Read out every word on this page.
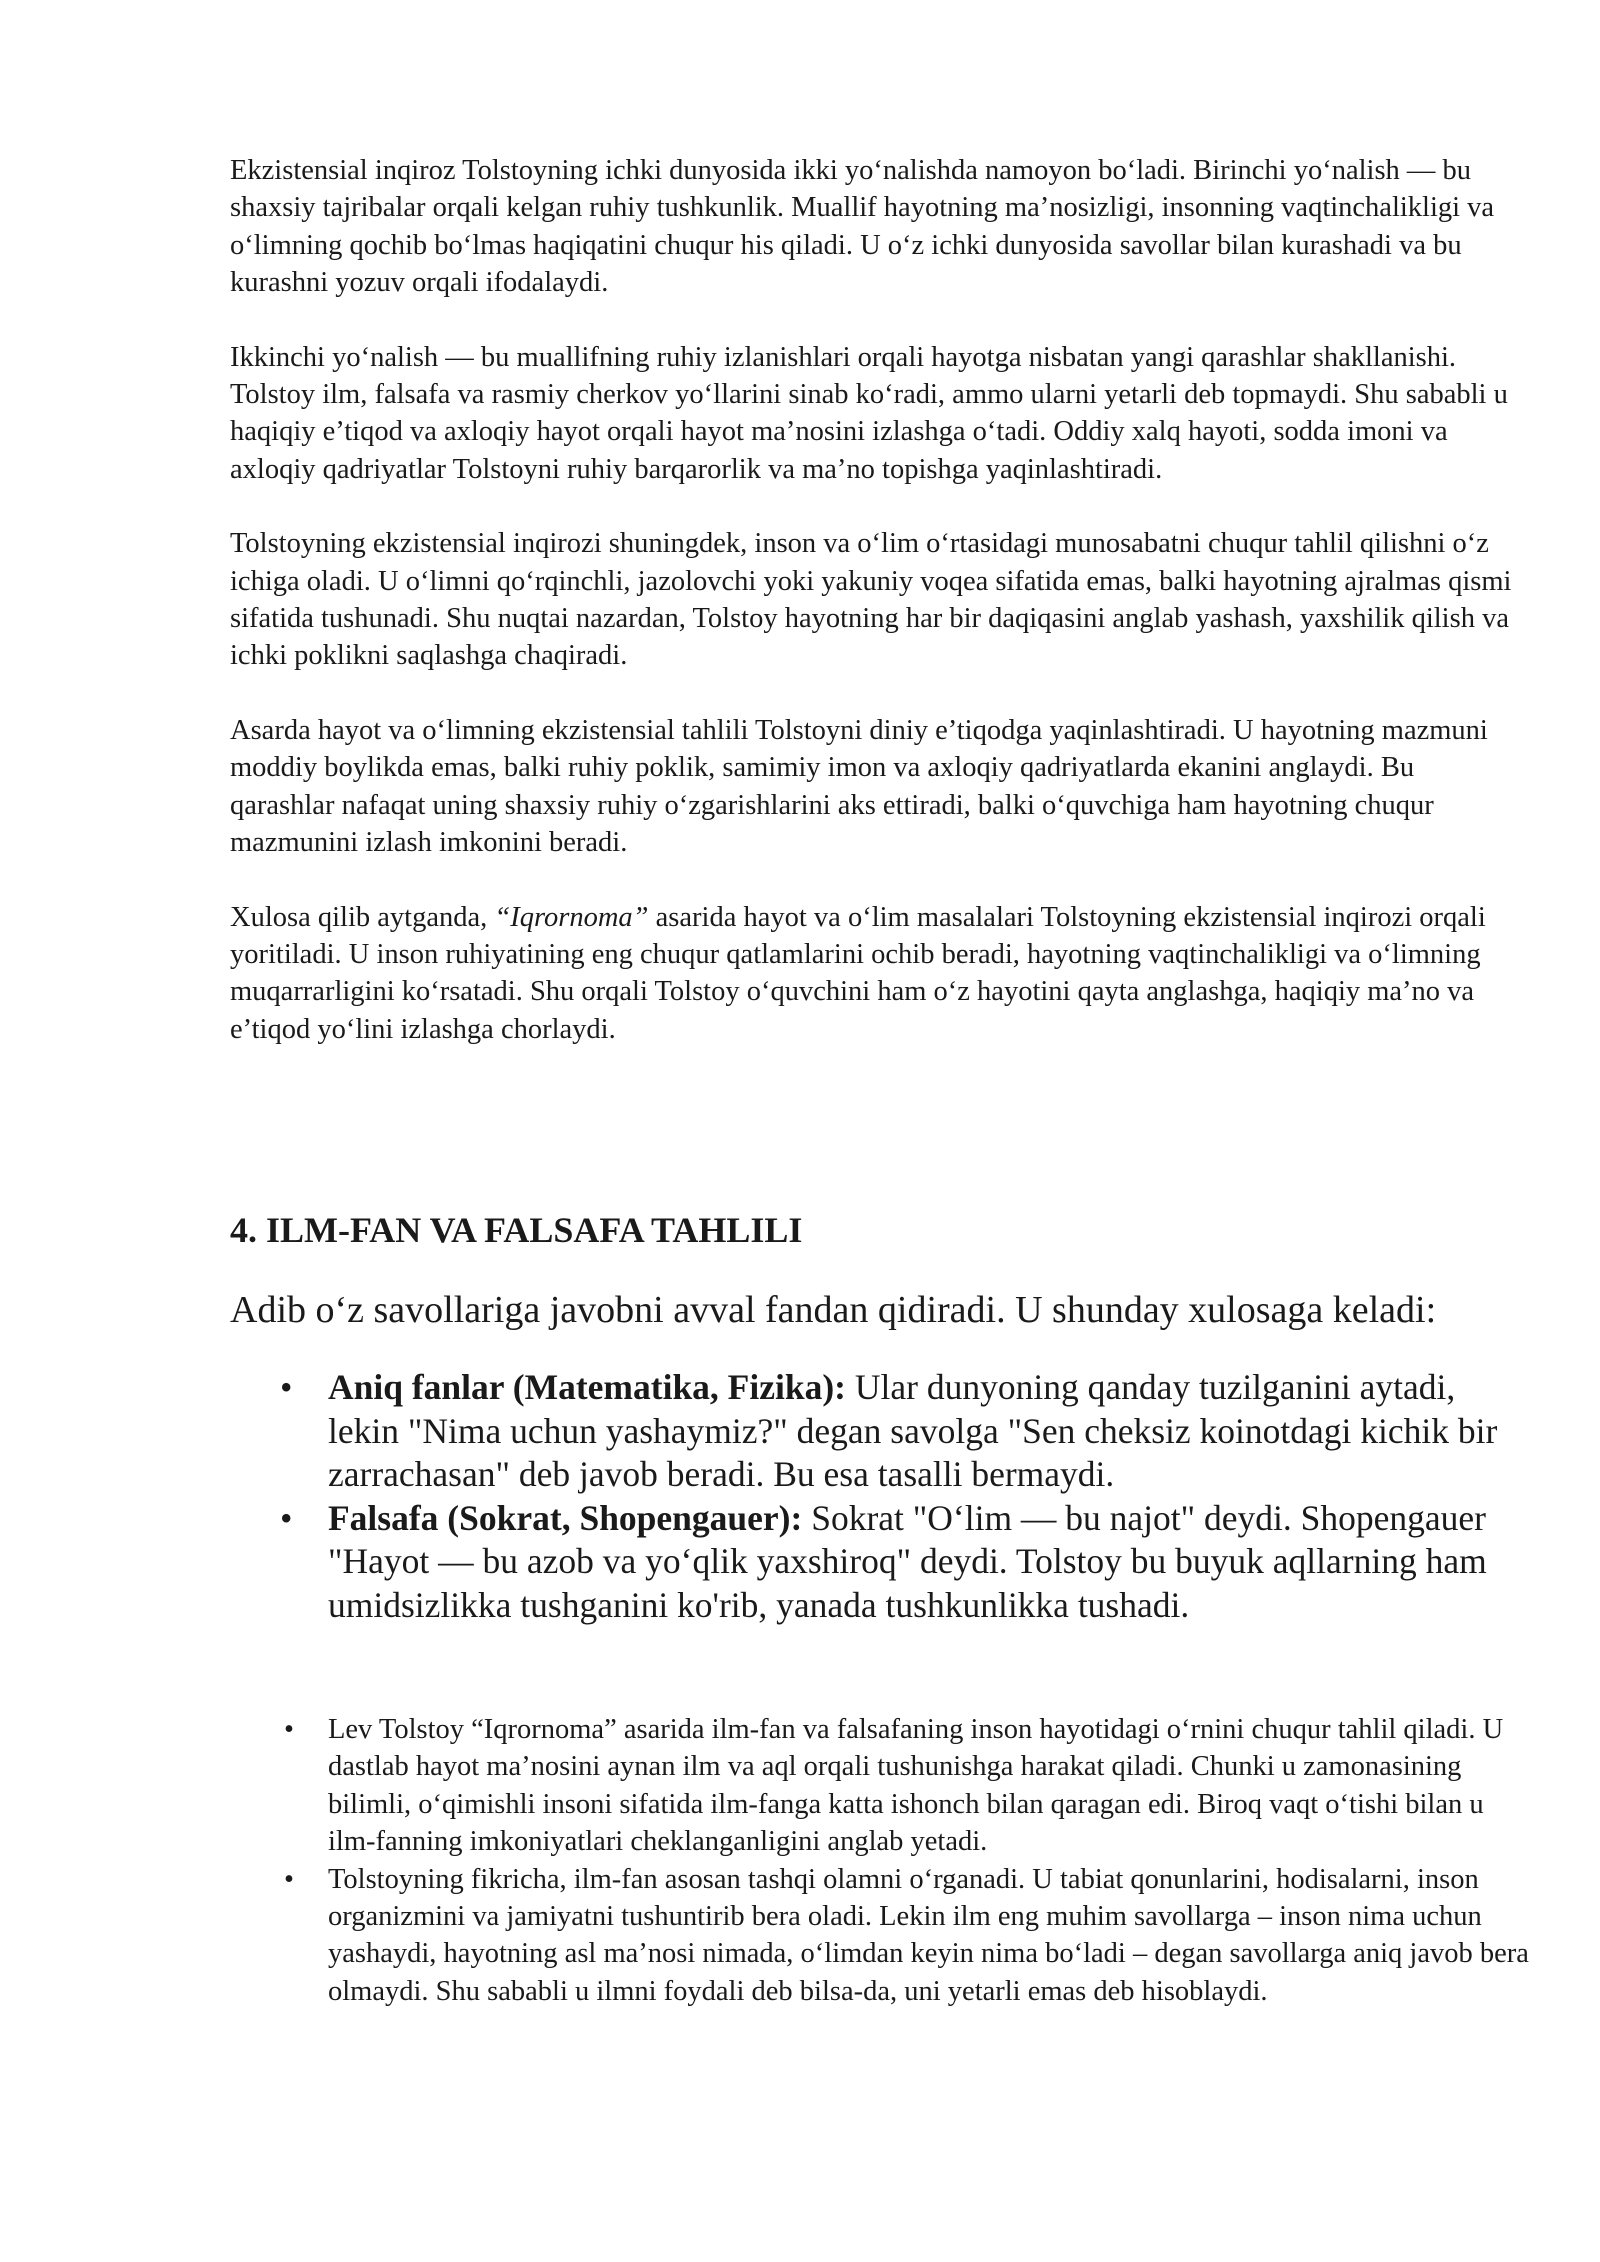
Ekzistensial inqiroz Tolstoyning ichki dunyosida ikki yo‘nalishda namoyon bo‘ladi. Birinchi yo‘nalish — bu shaxsiy tajribalar orqali kelgan ruhiy tushkunlik. Muallif hayotning ma’nosizligi, insonning vaqtinchalikligi va o‘limning qochib bo‘lmas haqiqatini chuqur his qiladi. U o‘z ichki dunyosida savollar bilan kurashadi va bu kurashni yozuv orqali ifodalaydi.

Ikkinchi yo‘nalish — bu muallifning ruhiy izlanishlari orqali hayotga nisbatan yangi qarashlar shakllanishi. Tolstoy ilm, falsafa va rasmiy cherkov yo‘llarini sinab ko‘radi, ammo ularni yetarli deb topmaydi. Shu sababli u haqiqiy e’tiqod va axloqiy hayot orqali hayot ma’nosini izlashga o‘tadi. Oddiy xalq hayoti, sodda imoni va axloqiy qadriyatlar Tolstoyni ruhiy barqarorlik va ma’no topishga yaqinlashtiradi.

Tolstoyning ekzistensial inqirozi shuningdek, inson va o‘lim o‘rtasidagi munosabatni chuqur tahlil qilishni o‘z ichiga oladi. U o‘limni qo‘rqinchli, jazolovchi yoki yakuniy voqea sifatida emas, balki hayotning ajralmas qismi sifatida tushunadi. Shu nuqtai nazardan, Tolstoy hayotning har bir daqiqasini anglab yashash, yaxshilik qilish va ichki poklikni saqlashga chaqiradi.

Asarda hayot va o‘limning ekzistensial tahlili Tolstoyni diniy e’tiqodga yaqinlashtiradi. U hayotning mazmuni moddiy boylikda emas, balki ruhiy poklik, samimiy imon va axloqiy qadriyatlarda ekanini anglaydi. Bu qarashlar nafaqat uning shaxsiy ruhiy o‘zgarishlarini aks ettiradi, balki o‘quvchiga ham hayotning chuqur mazmunini izlash imkonini beradi.

Xulosa qilib aytganda, “Iqrornoma” asarida hayot va o‘lim masalalari Tolstoyning ekzistensial inqirozi orqali yoritiladi. U inson ruhiyatining eng chuqur qatlamlarini ochib beradi, hayotning vaqtinchalikligi va o‘limning muqarrarligini ko‘rsatadi. Shu orqali Tolstoy o‘quvchini ham o‘z hayotini qayta anglashga, haqiqiy ma’no va e’tiqod yo‘lini izlashga chorlaydi.

4. ILM-FAN VA FALSAFA TAHLILI

Adib o‘z savollariga javobni avval fandan qidiradi. U shunday xulosaga keladi:

• Aniq fanlar (Matematika, Fizika): Ular dunyoning qanday tuzilganini aytadi, lekin "Nima uchun yashaymiz?" degan savolga "Sen cheksiz koinotdagi kichik bir zarrachasan" deb javob beradi. Bu esa tasalli bermaydi.
• Falsafa (Sokrat, Shopengauer): Sokrat "O‘lim — bu najot" deydi. Shopengauer "Hayot — bu azob va yo‘qlik yaxshiroq" deydi. Tolstoy bu buyuk aqllarning ham umidsizlikka tushganini ko'rib, yanada tushkunlikka tushadi.
• Lev Tolstoy “Iqrornoma” asarida ilm-fan va falsafaning inson hayotidagi o‘rnini chuqur tahlil qiladi. U dastlab hayot ma’nosini aynan ilm va aql orqali tushunishga harakat qiladi. Chunki u zamonasining bilimli, o‘qimishli insoni sifatida ilm-fanga katta ishonch bilan qaragan edi. Biroq vaqt o‘tishi bilan u ilm-fanning imkoniyatlari cheklanganligini anglab yetadi.
• Tolstoyning fikricha, ilm-fan asosan tashqi olamni o‘rganadi. U tabiat qonunlarini, hodisalarni, inson organizmini va jamiyatni tushuntirib bera oladi. Lekin ilm eng muhim savollarga – inson nima uchun yashaydi, hayotning asl ma’nosi nimada, o‘limdan keyin nima bo‘ladi – degan savollarga aniq javob bera olmaydi. Shu sababli u ilmni foydali deb bilsa-da, uni yetarli emas deb hisoblaydi.
